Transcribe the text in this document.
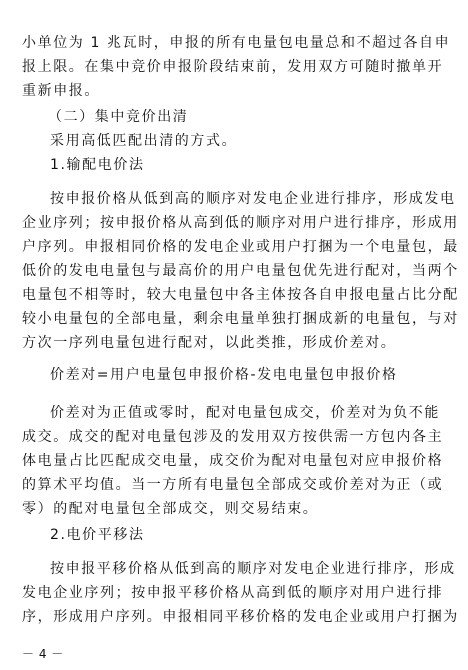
小单位为 1 兆瓦时，申报的所有电量包电量总和不超过各自申
报上限。在集中竞价申报阶段结束前，发用双方可随时撤单开
重新申报。
（二）集中竞价出清
采用高低匹配出清的方式。
1.输配电价法
按申报价格从低到高的顺序对发电企业进行排序，形成发电
企业序列；按申报价格从高到低的顺序对用户进行排序，形成用
户序列。申报相同价格的发电企业或用户打捆为一个电量包，最
低价的发电电量包与最高价的用户电量包优先进行配对，当两个
电量包不相等时，较大电量包中各主体按各自申报电量占比分配
较小电量包的全部电量，剩余电量单独打捆成新的电量包，与对
方次一序列电量包进行配对，以此类推，形成价差对。
价差对=用户电量包申报价格-发电电量包申报价格
价差对为正值或零时，配对电量包成交，价差对为负不能
成交。成交的配对电量包涉及的发用双方按供需一方包内各主
体电量占比匹配成交电量，成交价为配对电量包对应申报价格
的算术平均值。当一方所有电量包全部成交或价差对为正（或
零）的配对电量包全部成交，则交易结束。
2.电价平移法
按申报平移价格从低到高的顺序对发电企业进行排序，形成
发电企业序列；按申报平移价格从高到低的顺序对用户进行排
序，形成用户序列。申报相同平移价格的发电企业或用户打捆为
－ 4 －
